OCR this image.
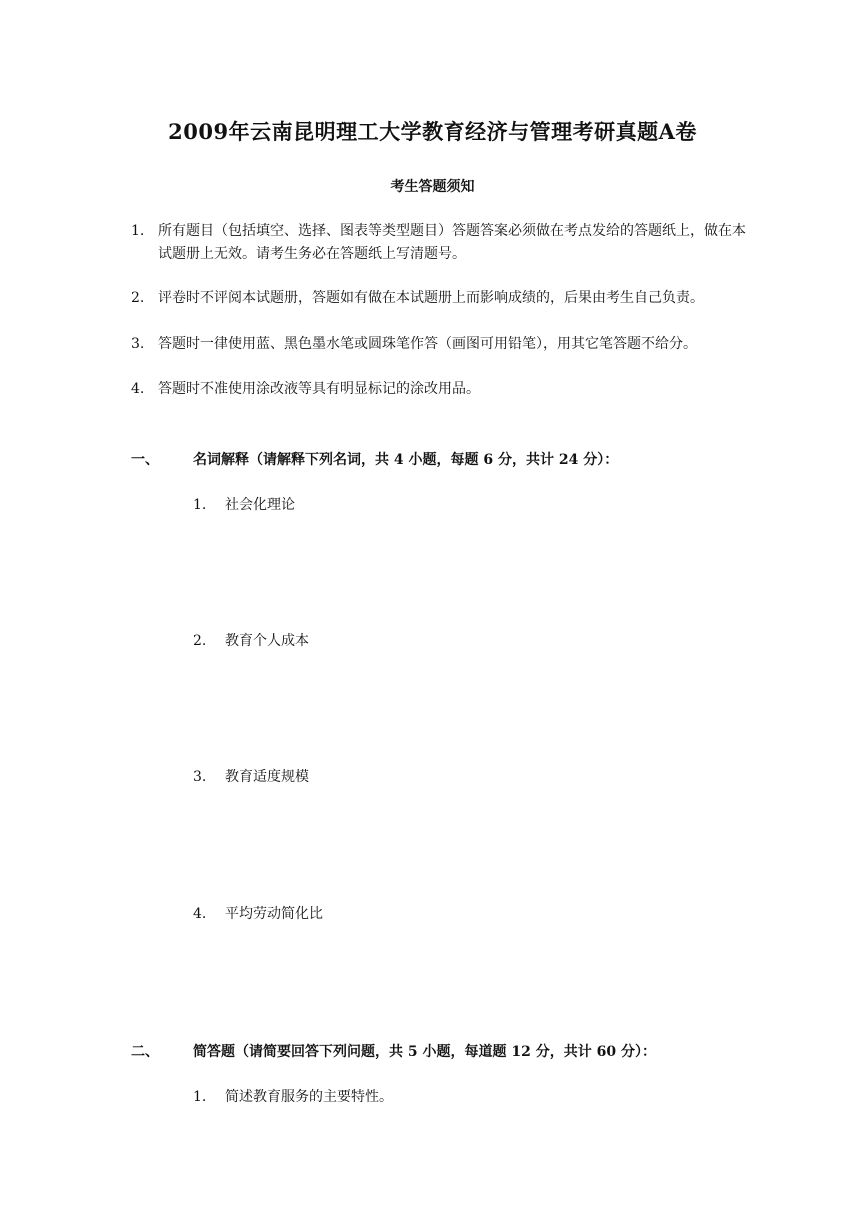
2009年云南昆明理工大学教育经济与管理考研真题A卷
考生答题须知
1. 所有题目（包括填空、选择、图表等类型题目）答题答案必须做在考点发给的答题纸上，做在本试题册上无效。请考生务必在答题纸上写清题号。
2. 评卷时不评阅本试题册，答题如有做在本试题册上而影响成绩的，后果由考生自己负责。
3. 答题时一律使用蓝、黑色墨水笔或圆珠笔作答（画图可用铅笔），用其它笔答题不给分。
4. 答题时不准使用涂改液等具有明显标记的涂改用品。
一、 名词解释（请解释下列名词，共 4 小题，每题 6 分，共计 24 分）：
1. 社会化理论
2. 教育个人成本
3. 教育适度规模
4. 平均劳动简化比
二、 简答题（请简要回答下列问题，共 5 小题，每道题 12 分，共计 60 分）：
1. 简述教育服务的主要特性。
